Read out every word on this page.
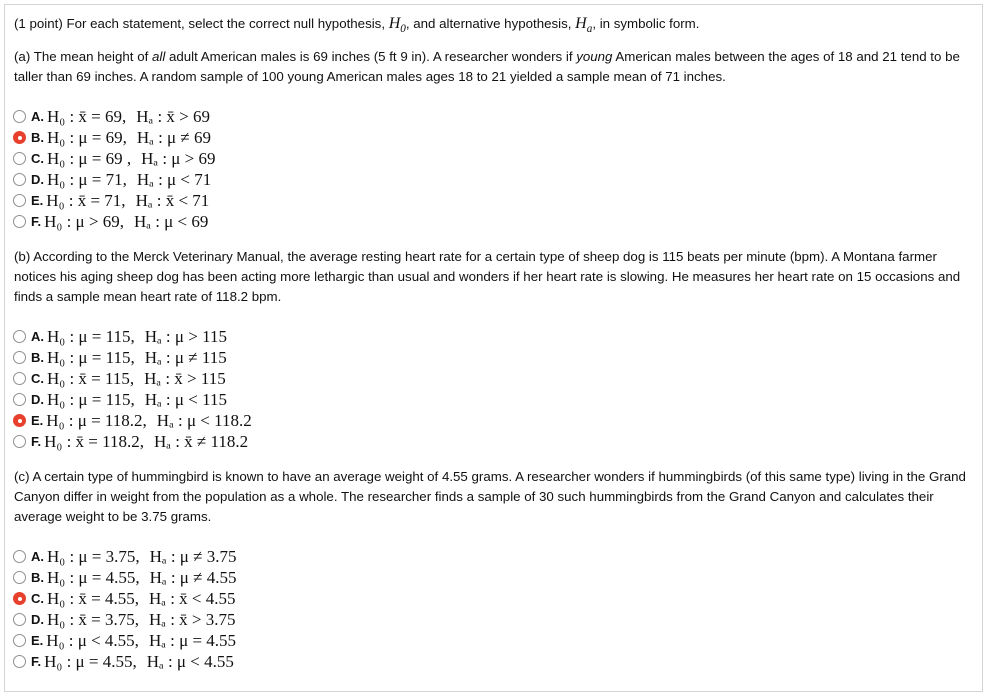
(1 point) For each statement, select the correct null hypothesis, $H_0$, and alternative hypothesis, $H_a$, in symbolic form.
(a) The mean height of all adult American males is 69 inches (5 ft 9 in). A researcher wonders if young American males between the ages of 18 and 21 tend to be taller than 69 inches. A random sample of 100 young American males ages 18 to 21 yielded a sample mean of 71 inches.
A. H₀ : x̄ = 69, Hₐ : x̄ > 69
B. H₀ : μ = 69, Hₐ : μ ≠ 69
C. H₀ : μ = 69 , Hₐ : μ > 69
D. H₀ : μ = 71, Hₐ : μ < 71
E. H₀ : x̄ = 71, Hₐ : x̄ < 71
F. H₀ : μ > 69, Hₐ : μ < 69
(b) According to the Merck Veterinary Manual, the average resting heart rate for a certain type of sheep dog is 115 beats per minute (bpm). A Montana farmer notices his aging sheep dog has been acting more lethargic than usual and wonders if her heart rate is slowing. He measures her heart rate on 15 occasions and finds a sample mean heart rate of 118.2 bpm.
A. H₀ : μ = 115, Hₐ : μ > 115
B. H₀ : μ = 115, Hₐ : μ ≠ 115
C. H₀ : x̄ = 115, Hₐ : x̄ > 115
D. H₀ : μ = 115, Hₐ : μ < 115
E. H₀ : μ = 118.2, Hₐ : μ < 118.2
F. H₀ : x̄ = 118.2, Hₐ : x̄ ≠ 118.2
(c) A certain type of hummingbird is known to have an average weight of 4.55 grams. A researcher wonders if hummingbirds (of this same type) living in the Grand Canyon differ in weight from the population as a whole. The researcher finds a sample of 30 such hummingbirds from the Grand Canyon and calculates their average weight to be 3.75 grams.
A. H₀ : μ = 3.75, Hₐ : μ ≠ 3.75
B. H₀ : μ = 4.55, Hₐ : μ ≠ 4.55
C. H₀ : x̄ = 4.55, Hₐ : x̄ < 4.55
D. H₀ : x̄ = 3.75, Hₐ : x̄ > 3.75
E. H₀ : μ < 4.55, Hₐ : μ = 4.55
F. H₀ : μ = 4.55, Hₐ : μ < 4.55
